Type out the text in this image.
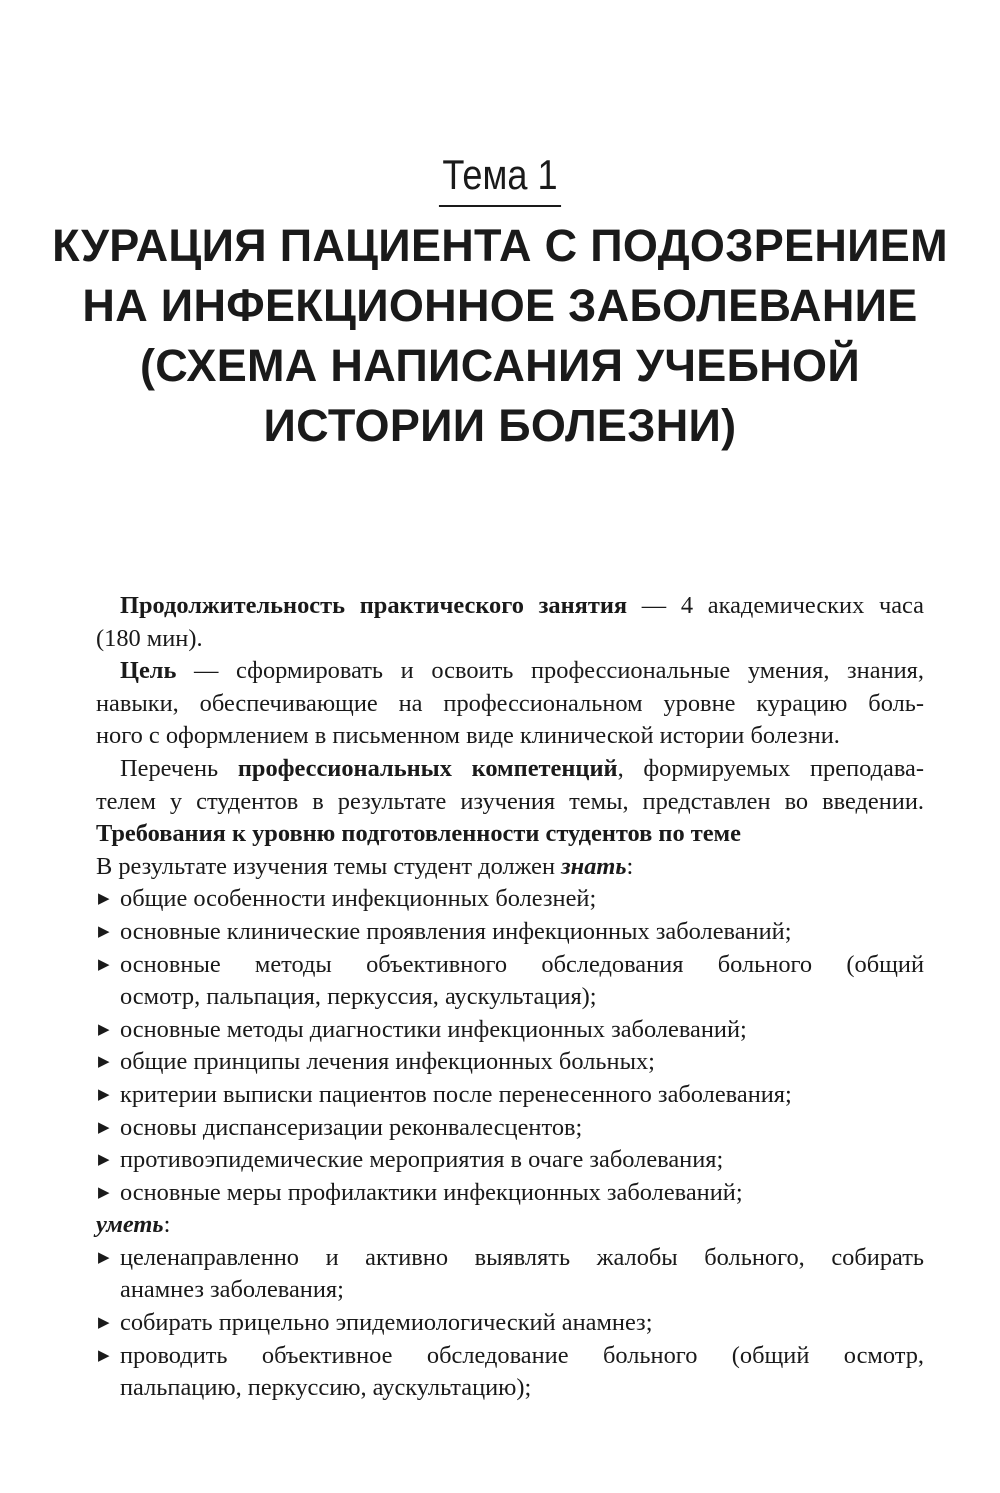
Тема 1
КУРАЦИЯ ПАЦИЕНТА С ПОДОЗРЕНИЕМ
НА ИНФЕКЦИОННОЕ ЗАБОЛЕВАНИЕ
(СХЕМА НАПИСАНИЯ УЧЕБНОЙ
ИСТОРИИ БОЛЕЗНИ)
Продолжительность практического занятия — 4 академических часа
(180 мин).
Цель — сформировать и освоить профессиональные умения, знания,
навыки, обеспечивающие на профессиональном уровне курацию боль-
ного с оформлением в письменном виде клинической истории болезни.
Перечень профессиональных компетенций, формируемых преподава-
телем у студентов в результате изучения темы, представлен во введении.
Требования к уровню подготовленности студентов по теме
В результате изучения темы студент должен знать:
▶ общие особенности инфекционных болезней;
▶ основные клинические проявления инфекционных заболеваний;
▶ основные методы объективного обследования больного (общий
осмотр, пальпация, перкуссия, аускультация);
▶ основные методы диагностики инфекционных заболеваний;
▶ общие принципы лечения инфекционных больных;
▶ критерии выписки пациентов после перенесенного заболевания;
▶ основы диспансеризации реконвалесцентов;
▶ противоэпидемические мероприятия в очаге заболевания;
▶ основные меры профилактики инфекционных заболеваний;
уметь:
▶ целенаправленно и активно выявлять жалобы больного, собирать
анамнез заболевания;
▶ собирать прицельно эпидемиологический анамнез;
▶ проводить объективное обследование больного (общий осмотр,
пальпацию, перкуссию, аускультацию);
